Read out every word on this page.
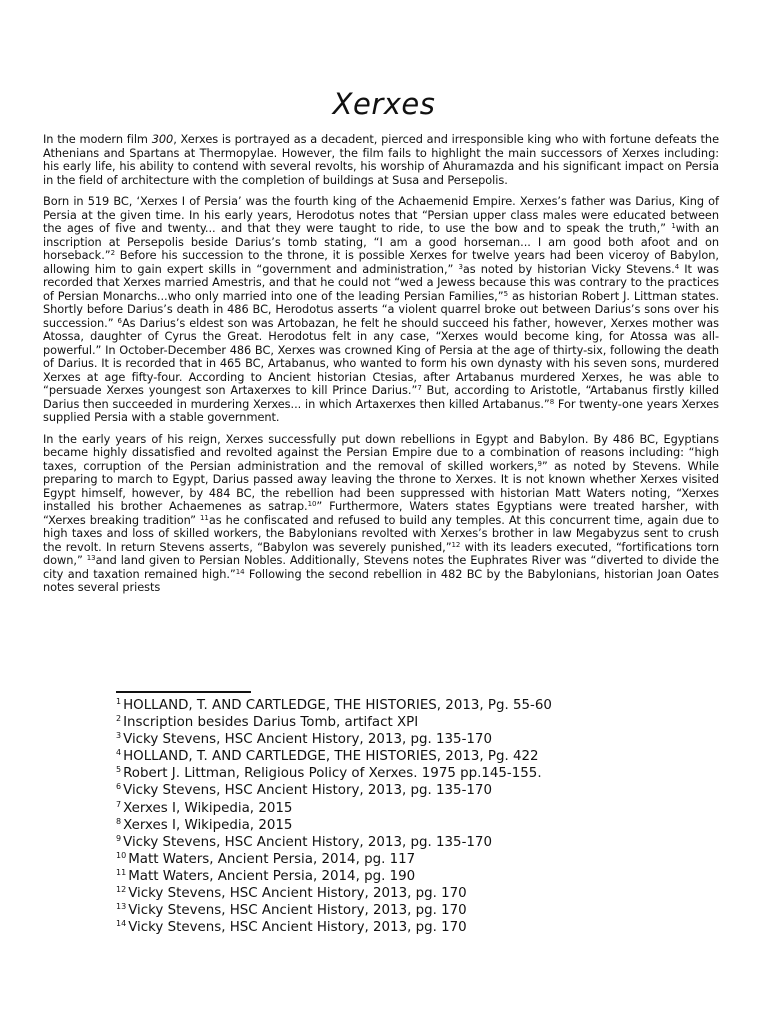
Xerxes

In the modern film 300, Xerxes is portrayed as a decadent, pierced and irresponsible king who with fortune defeats the Athenians and Spartans at Thermopylae. However, the film fails to highlight the main successors of Xerxes including: his early life, his ability to contend with several revolts, his worship of Ahuramazda and his significant impact on Persia in the field of architecture with the completion of buildings at Susa and Persepolis.

Born in 519 BC, ‘Xerxes I of Persia’ was the fourth king of the Achaemenid Empire. Xerxes’s father was Darius, King of Persia at the given time. In his early years, Herodotus notes that “Persian upper class males were educated between the ages of five and twenty... and that they were taught to ride, to use the bow and to speak the truth,” $^1$with an inscription at Persepolis beside Darius’s tomb stating, “I am a good horseman... I am good both afoot and on horseback.”$^2$ Before his succession to the throne, it is possible Xerxes for twelve years had been viceroy of Babylon, allowing him to gain expert skills in “government and administration,” $^3$as noted by historian Vicky Stevens.$^4$ It was recorded that Xerxes married Amestris, and that he could not “wed a Jewess because this was contrary to the practices of Persian Monarchs...who only married into one of the leading Persian Families,”$^5$ as historian Robert J. Littman states. Shortly before Darius’s death in 486 BC, Herodotus asserts “a violent quarrel broke out between Darius’s sons over his succession.” $^6$As Darius’s eldest son was Artobazan, he felt he should succeed his father, however, Xerxes mother was Atossa, daughter of Cyrus the Great. Herodotus felt in any case, “Xerxes would become king, for Atossa was all-powerful.” In October-December 486 BC, Xerxes was crowned King of Persia at the age of thirty-six, following the death of Darius. It is recorded that in 465 BC, Artabanus, who wanted to form his own dynasty with his seven sons, murdered Xerxes at age fifty-four. According to Ancient historian Ctesias, after Artabanus murdered Xerxes, he was able to “persuade Xerxes youngest son Artaxerxes to kill Prince Darius.”$^7$ But, according to Aristotle, “Artabanus firstly killed Darius then succeeded in murdering Xerxes... in which Artaxerxes then killed Artabanus.”$^8$ For twenty-one years Xerxes supplied Persia with a stable government.

In the early years of his reign, Xerxes successfully put down rebellions in Egypt and Babylon. By 486 BC, Egyptians became highly dissatisfied and revolted against the Persian Empire due to a combination of reasons including: “high taxes, corruption of the Persian administration and the removal of skilled workers,$^9$” as noted by Stevens. While preparing to march to Egypt, Darius passed away leaving the throne to Xerxes. It is not known whether Xerxes visited Egypt himself, however, by 484 BC, the rebellion had been suppressed with historian Matt Waters noting, “Xerxes installed his brother Achaemenes as satrap.$^{10}$” Furthermore, Waters states Egyptians were treated harsher, with “Xerxes breaking tradition” $^{11}$as he confiscated and refused to build any temples. At this concurrent time, again due to high taxes and loss of skilled workers, the Babylonians revolted with Xerxes’s brother in law Megabyzus sent to crush the revolt. In return Stevens asserts, “Babylon was severely punished,”$^{12}$ with its leaders executed, “fortifications torn down,” $^{13}$and land given to Persian Nobles. Additionally, Stevens notes the Euphrates River was “diverted to divide the city and taxation remained high.”$^{14}$ Following the second rebellion in 482 BC by the Babylonians, historian Joan Oates notes several priests

$^1$ HOLLAND, T. AND CARTLEDGE, THE HISTORIES, 2013, Pg. 55-60
$^2$ Inscription besides Darius Tomb, artifact XPI
$^3$ Vicky Stevens, HSC Ancient History, 2013, pg. 135-170
$^4$ HOLLAND, T. AND CARTLEDGE, THE HISTORIES, 2013, Pg. 422
$^5$ Robert J. Littman, Religious Policy of Xerxes. 1975 pp.145-155.
$^6$ Vicky Stevens, HSC Ancient History, 2013, pg. 135-170
$^7$ Xerxes I, Wikipedia, 2015
$^8$ Xerxes I, Wikipedia, 2015
$^9$ Vicky Stevens, HSC Ancient History, 2013, pg. 135-170
$^{10}$ Matt Waters, Ancient Persia, 2014, pg. 117
$^{11}$ Matt Waters, Ancient Persia, 2014, pg. 190
$^{12}$ Vicky Stevens, HSC Ancient History, 2013, pg. 170
$^{13}$ Vicky Stevens, HSC Ancient History, 2013, pg. 170
$^{14}$ Vicky Stevens, HSC Ancient History, 2013, pg. 170
